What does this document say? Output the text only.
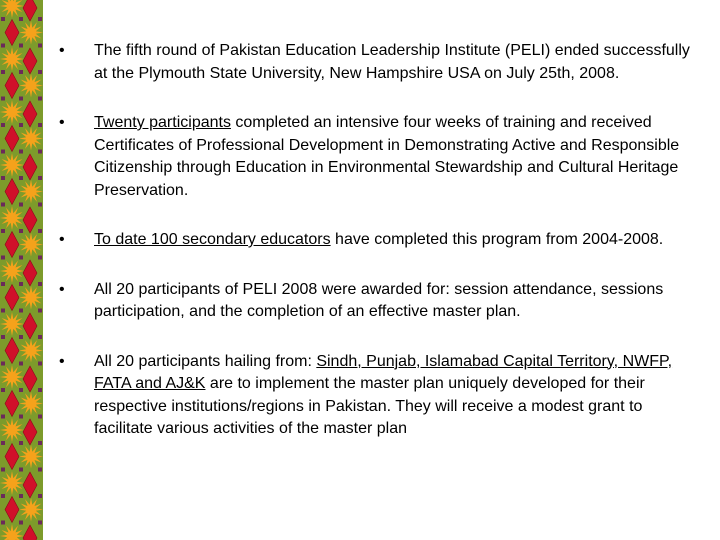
• The fifth round of Pakistan Education Leadership Institute (PELI) ended successfully at the Plymouth State University, New Hampshire USA on July 25th, 2008.
• Twenty participants completed an intensive four weeks of training and received Certificates of Professional Development in Demonstrating Active and Responsible Citizenship through Education in Environmental Stewardship and Cultural Heritage Preservation.
• To date 100 secondary educators have completed this program from 2004-2008.
• All 20 participants of PELI 2008 were awarded for: session attendance, sessions participation, and the completion of an effective master plan.
• All 20 participants hailing from: Sindh, Punjab, Islamabad Capital Territory, NWFP, FATA and AJ&K are to implement the master plan uniquely developed for their respective institutions/regions in Pakistan. They will receive a modest grant to facilitate various activities of the master plan
